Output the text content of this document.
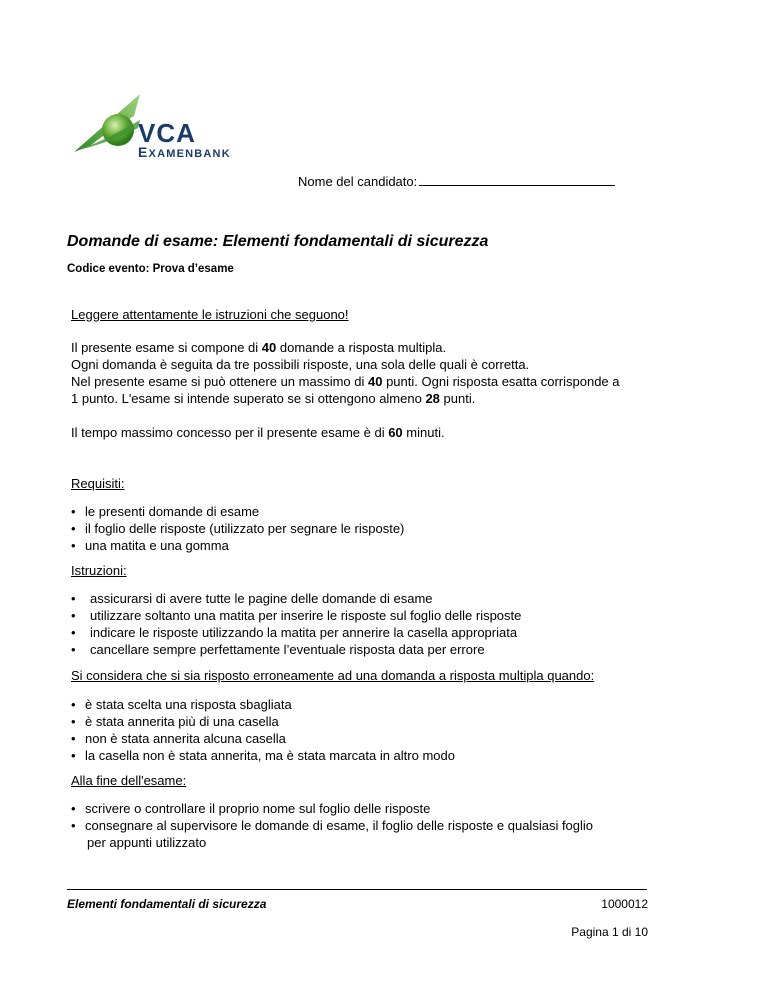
VCA
EXAMENBANK
Nome del candidato:
Domande di esame: Elementi fondamentali di sicurezza
Codice evento: Prova d’esame
Leggere attentamente le istruzioni che seguono!
Il presente esame si compone di 40 domande a risposta multipla.
Ogni domanda è seguita da tre possibili risposte, una sola delle quali è corretta.
Nel presente esame si può ottenere un massimo di 40 punti. Ogni risposta esatta corrisponde a
1 punto. L'esame si intende superato se si ottengono almeno 28 punti.
Il tempo massimo concesso per il presente esame è di 60 minuti.
Requisiti:
• le presenti domande di esame
• il foglio delle risposte (utilizzato per segnare le risposte)
• una matita e una gomma
Istruzioni:
• assicurarsi di avere tutte le pagine delle domande di esame
• utilizzare soltanto una matita per inserire le risposte sul foglio delle risposte
• indicare le risposte utilizzando la matita per annerire la casella appropriata
• cancellare sempre perfettamente l’eventuale risposta data per errore
Si considera che si sia risposto erroneamente ad una domanda a risposta multipla quando:
• è stata scelta una risposta sbagliata
• è stata annerita più di una casella
• non è stata annerita alcuna casella
• la casella non è stata annerita, ma è stata marcata in altro modo
Alla fine dell'esame:
• scrivere o controllare il proprio nome sul foglio delle risposte
• consegnare al supervisore le domande di esame, il foglio delle risposte e qualsiasi foglio
per appunti utilizzato
Elementi fondamentali di sicurezza	1000012
Pagina 1 di 10
